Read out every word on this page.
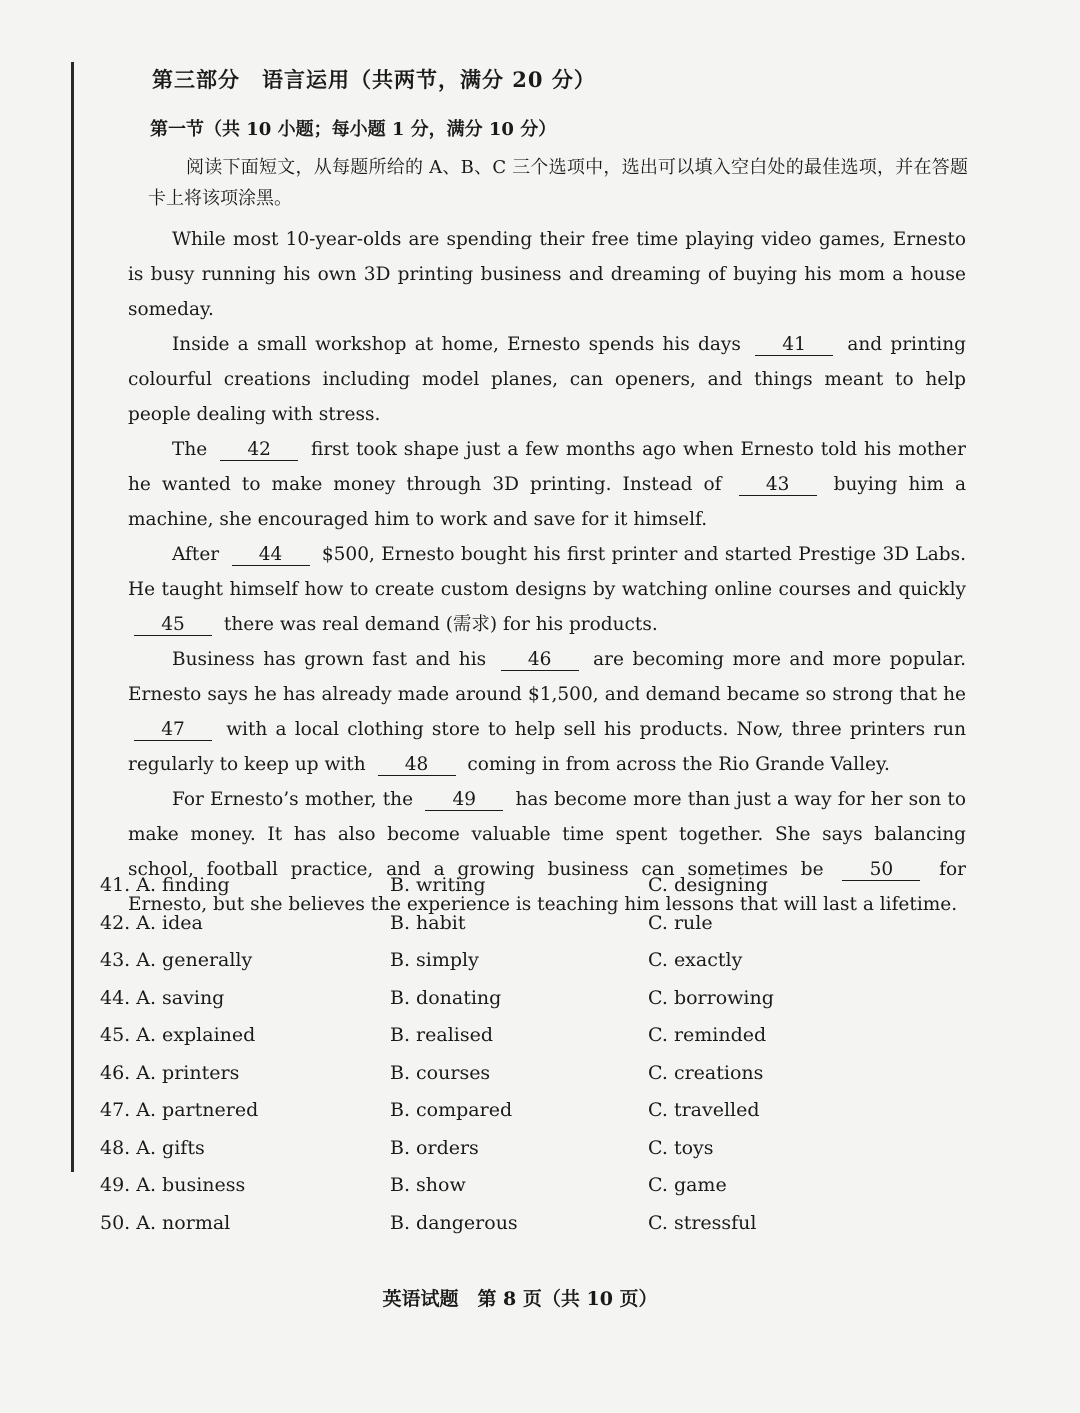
第三部分　语言运用（共两节，满分 20 分）
第一节（共 10 小题；每小题 1 分，满分 10 分）
阅读下面短文，从每题所给的 A、B、C 三个选项中，选出可以填入空白处的最佳选项，并在答题卡上将该项涂黑。

While most 10-year-olds are spending their free time playing video games, Ernesto is busy running his own 3D printing business and dreaming of buying his mom a house someday.

Inside a small workshop at home, Ernesto spends his days 41 and printing colourful creations including model planes, can openers, and things meant to help people dealing with stress.

The 42 first took shape just a few months ago when Ernesto told his mother he wanted to make money through 3D printing. Instead of 43 buying him a machine, she encouraged him to work and save for it himself.

After 44 $500, Ernesto bought his first printer and started Prestige 3D Labs. He taught himself how to create custom designs by watching online courses and quickly 45 there was real demand (需求) for his products.

Business has grown fast and his 46 are becoming more and more popular. Ernesto says he has already made around $1,500, and demand became so strong that he 47 with a local clothing store to help sell his products. Now, three printers run regularly to keep up with 48 coming in from across the Rio Grande Valley.

For Ernesto’s mother, the 49 has become more than just a way for her son to make money. It has also become valuable time spent together. She says balancing school, football practice, and a growing business can sometimes be 50 for Ernesto, but she believes the experience is teaching him lessons that will last a lifetime.

41. A. finding	B. writing	C. designing
42. A. idea	B. habit	C. rule
43. A. generally	B. simply	C. exactly
44. A. saving	B. donating	C. borrowing
45. A. explained	B. realised	C. reminded
46. A. printers	B. courses	C. creations
47. A. partnered	B. compared	C. travelled
48. A. gifts	B. orders	C. toys
49. A. business	B. show	C. game
50. A. normal	B. dangerous	C. stressful
英语试题　第 8 页（共 10 页）
